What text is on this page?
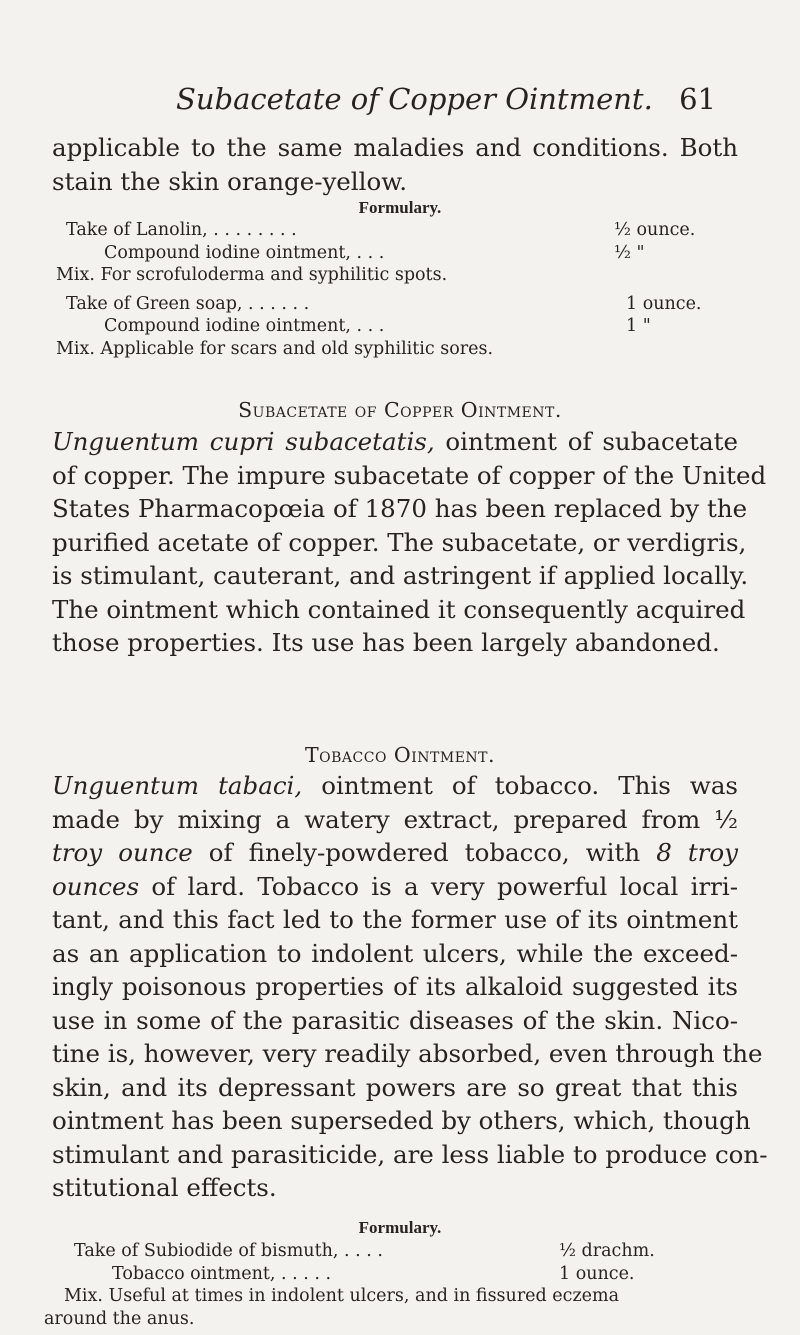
Subacetate of Copper Ointment. 61
applicable to the same maladies and conditions. Both
stain the skin orange-yellow.
Formulary.
Take of Lanolin, . . . . . . . .	½ ounce.
Compound iodine ointment, . . .	½ "
Mix. For scrofuloderma and syphilitic spots.
Take of Green soap, . . . . . .	1 ounce.
Compound iodine ointment, . . .	1 "
Mix. Applicable for scars and old syphilitic sores.
Subacetate of Copper Ointment.
Unguentum cupri subacetatis, ointment of subacetate
of copper. The impure subacetate of copper of the United
States Pharmacopœia of 1870 has been replaced by the
purified acetate of copper. The subacetate, or verdigris,
is stimulant, cauterant, and astringent if applied locally.
The ointment which contained it consequently acquired
those properties. Its use has been largely abandoned.
Tobacco Ointment.
Unguentum tabaci, ointment of tobacco. This was
made by mixing a watery extract, prepared from ½
troy ounce of finely-powdered tobacco, with 8 troy
ounces of lard. Tobacco is a very powerful local irri-
tant, and this fact led to the former use of its ointment
as an application to indolent ulcers, while the exceed-
ingly poisonous properties of its alkaloid suggested its
use in some of the parasitic diseases of the skin. Nico-
tine is, however, very readily absorbed, even through the
skin, and its depressant powers are so great that this
ointment has been superseded by others, which, though
stimulant and parasiticide, are less liable to produce con-
stitutional effects.
Formulary.
Take of Subiodide of bismuth, . . . .	½ drachm.
Tobacco ointment, . . . . .	1 ounce.
Mix. Useful at times in indolent ulcers, and in fissured eczema
around the anus.
